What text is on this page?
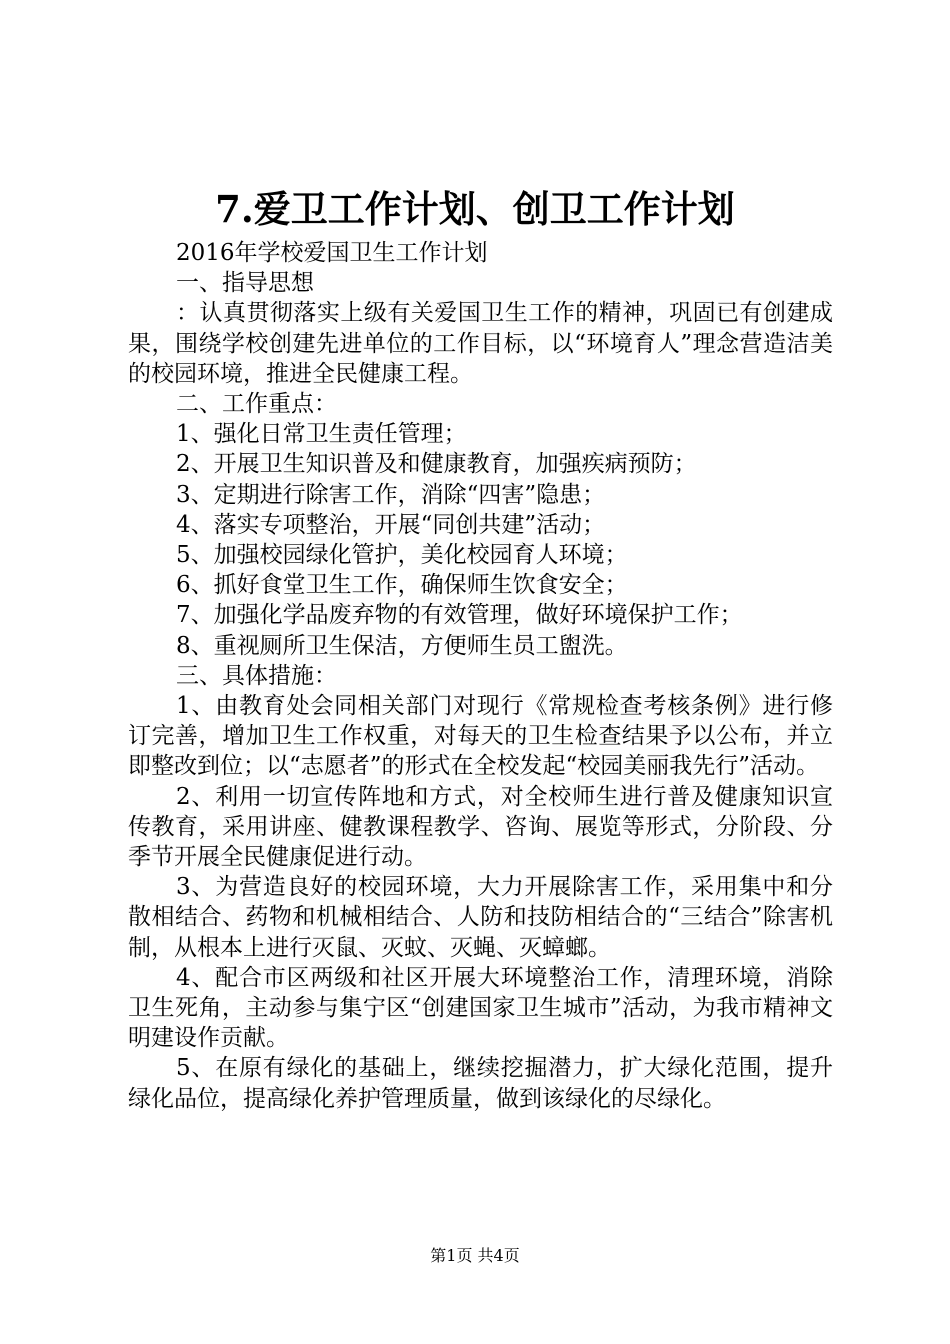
7.爱卫工作计划、创卫工作计划

2016年学校爱国卫生工作计划

一、指导思想

：认真贯彻落实上级有关爱国卫生工作的精神，巩固已有创建成果，围绕学校创建先进单位的工作目标，以“环境育人”理念营造洁美的校园环境，推进全民健康工程。

二、工作重点：

1、强化日常卫生责任管理；

2、开展卫生知识普及和健康教育，加强疾病预防；

3、定期进行除害工作，消除“四害”隐患；

4、落实专项整治，开展“同创共建”活动；

5、加强校园绿化管护，美化校园育人环境；

6、抓好食堂卫生工作，确保师生饮食安全；

7、加强化学品废弃物的有效管理，做好环境保护工作；

8、重视厕所卫生保洁，方便师生员工盥洗。

三、具体措施：

1、由教育处会同相关部门对现行《常规检查考核条例》进行修订完善，增加卫生工作权重，对每天的卫生检查结果予以公布，并立即整改到位；以“志愿者”的形式在全校发起“校园美丽我先行”活动。

2、利用一切宣传阵地和方式，对全校师生进行普及健康知识宣传教育，采用讲座、健教课程教学、咨询、展览等形式，分阶段、分季节开展全民健康促进行动。

3、为营造良好的校园环境，大力开展除害工作，采用集中和分散相结合、药物和机械相结合、人防和技防相结合的“三结合”除害机制，从根本上进行灭鼠、灭蚊、灭蝇、灭蟑螂。

4、配合市区两级和社区开展大环境整治工作，清理环境，消除卫生死角，主动参与集宁区“创建国家卫生城市”活动，为我市精神文明建设作贡献。

5、在原有绿化的基础上，继续挖掘潜力，扩大绿化范围，提升绿化品位，提高绿化养护管理质量，做到该绿化的尽绿化。

第1页 共4页
